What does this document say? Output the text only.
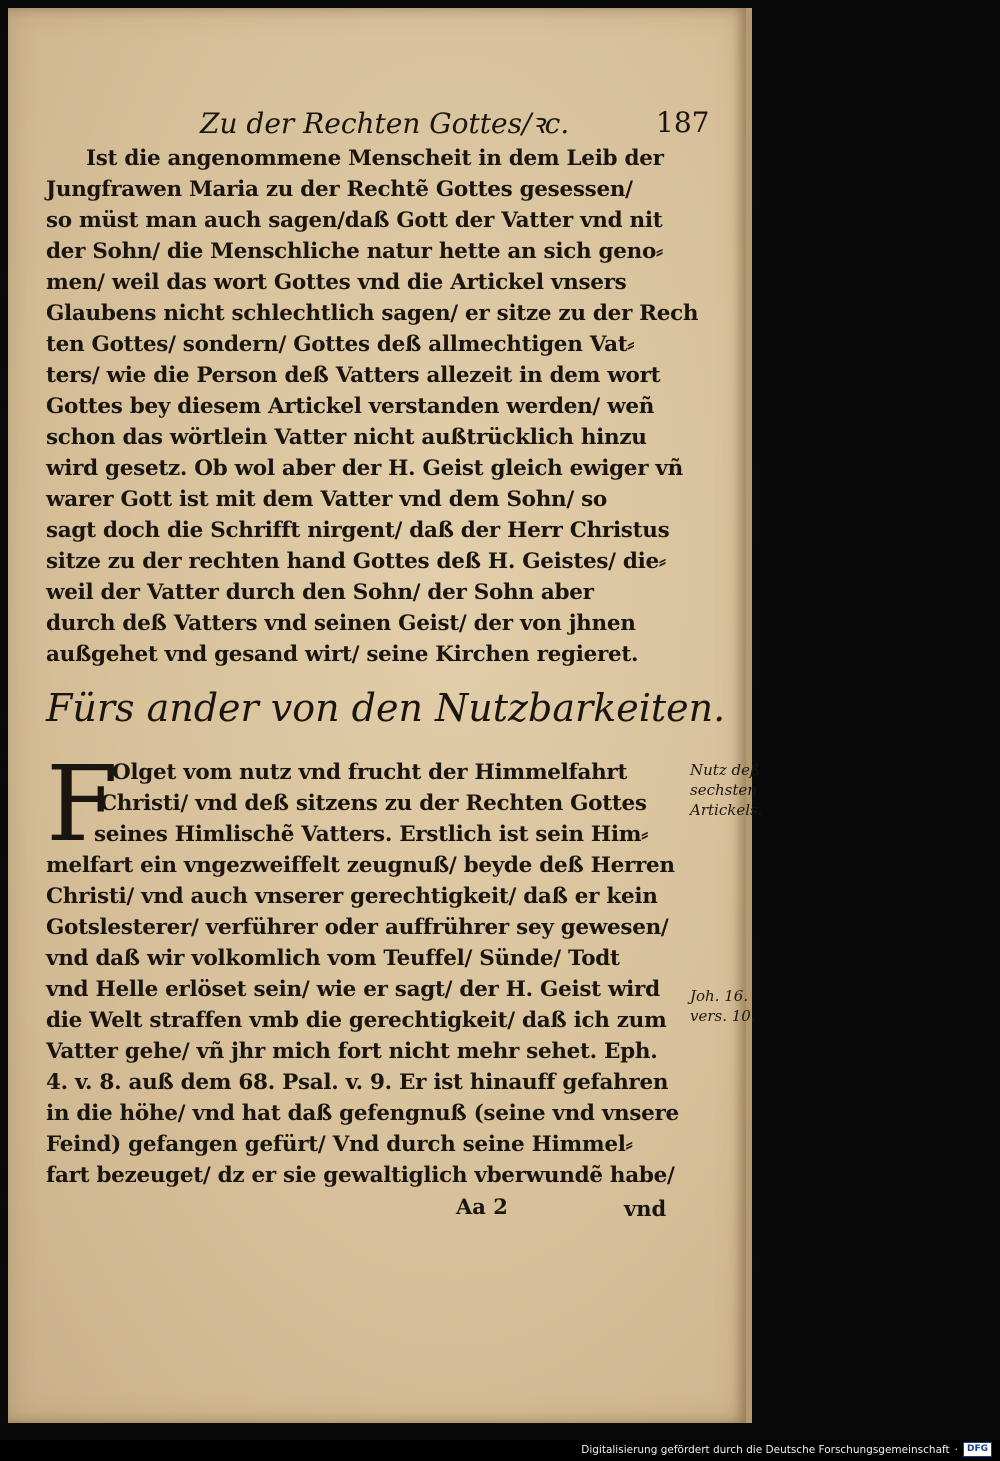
Zu der Rechten Gottes/ꝛc.	187
Ist die angenommene Menscheit in dem Leib der
Jungfrawen Maria zu der Rechtẽ Gottes gesessen/
so müst man auch sagen/daß Gott der Vatter vnd nit
der Sohn/ die Menschliche natur hette an sich geno⸗
men/ weil das wort Gottes vnd die Artickel vnsers
Glaubens nicht schlechtlich sagen/ er sitze zu der Rech
ten Gottes/ sondern/ Gottes deß allmechtigen Vat⸗
ters/ wie die Person deß Vatters allezeit in dem wort
Gottes bey diesem Artickel verstanden werden/ weñ
schon das wörtlein Vatter nicht außtrücklich hinzu
wird gesetz. Ob wol aber der H. Geist gleich ewiger vñ
warer Gott ist mit dem Vatter vnd dem Sohn/ so
sagt doch die Schrifft nirgent/ daß der Herr Christus
sitze zu der rechten hand Gottes deß H. Geistes/ die⸗
weil der Vatter durch den Sohn/ der Sohn aber
durch deß Vatters vnd seinen Geist/ der von jhnen
außgehet vnd gesand wirt/ seine Kirchen regieret.
Fürs ander von den Nutzbarkeiten.
F
Olget vom nutz vnd frucht der Himmelfahrt
Christi/ vnd deß sitzens zu der Rechten Gottes
seines Himlischẽ Vatters. Erstlich ist sein Him⸗
melfart ein vngezweiffelt zeugnuß/ beyde deß Herren
Christi/ vnd auch vnserer gerechtigkeit/ daß er kein
Gotslesterer/ verführer oder auffrührer sey gewesen/
vnd daß wir volkomlich vom Teuffel/ Sünde/ Todt
vnd Helle erlöset sein/ wie er sagt/ der H. Geist wird
die Welt straffen vmb die gerechtigkeit/ daß ich zum
Vatter gehe/ vñ jhr mich fort nicht mehr sehet. Eph.
4. v. 8. auß dem 68. Psal. v. 9. Er ist hinauff gefahren
in die höhe/ vnd hat daß gefengnuß (seine vnd vnsere
Feind) gefangen gefürt/ Vnd durch seine Himmel⸗
fart bezeuget/ dz er sie gewaltiglich vberwundẽ habe/
Nutz deß
sechsten
Artickels.
Joh. 16.
vers. 10.
Aa 2	vnd
Digitalisierung gefördert durch die Deutsche Forschungsgemeinschaft ·	DFG
